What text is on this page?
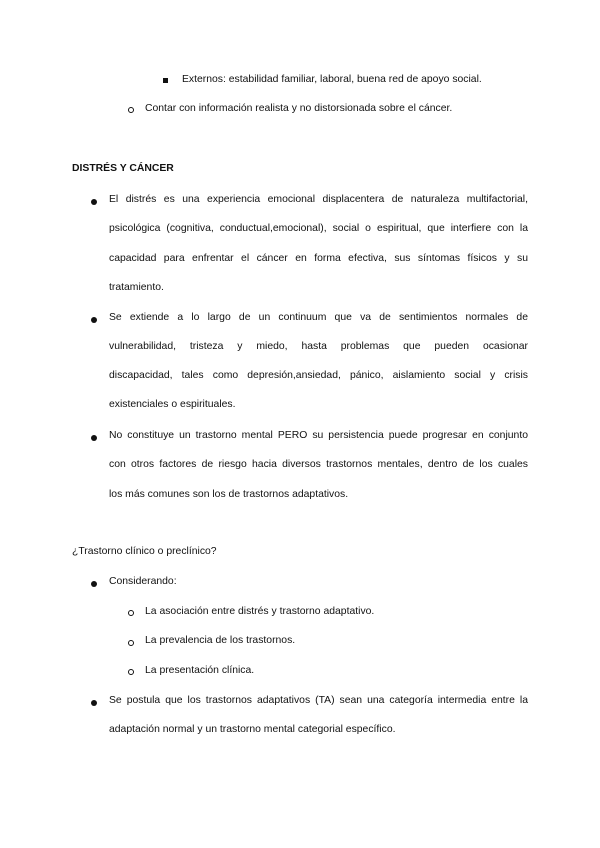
Externos: estabilidad familiar, laboral, buena red de apoyo social.
Contar con información realista y no distorsionada sobre el cáncer.
DISTRÉS Y CÁNCER
El distrés es una experiencia emocional displacentera de naturaleza multifactorial,
psicológica (cognitiva, conductual,emocional), social o espiritual, que interfiere con la
capacidad para enfrentar el cáncer en forma efectiva, sus síntomas físicos y su
tratamiento.
Se extiende a lo largo de un continuum que va de sentimientos normales de
vulnerabilidad, tristeza y miedo, hasta problemas que pueden ocasionar
discapacidad, tales como depresión,ansiedad, pánico, aislamiento social y crisis
existenciales o espirituales.
No constituye un trastorno mental PERO su persistencia puede progresar en conjunto
con otros factores de riesgo hacia diversos trastornos mentales, dentro de los cuales
los más comunes son los de trastornos adaptativos.
¿Trastorno clínico o preclínico?
Considerando:
La asociación entre distrés y trastorno adaptativo.
La prevalencia de los trastornos.
La presentación clínica.
Se postula que los trastornos adaptativos (TA) sean una categoría intermedia entre la
adaptación normal y un trastorno mental categorial específico.
